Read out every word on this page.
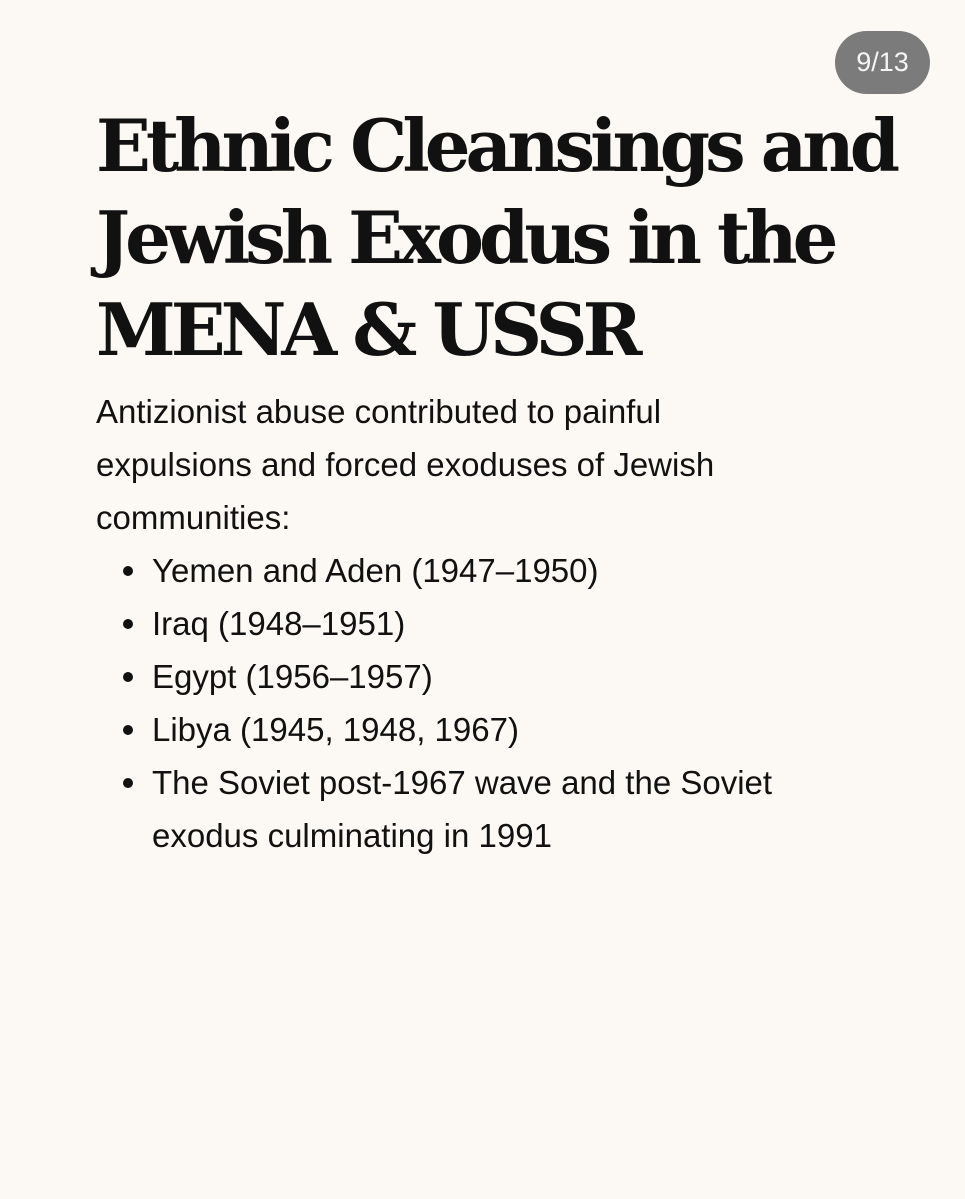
9/13
Ethnic Cleansings and
Jewish Exodus in the
MENA & USSR

Antizionist abuse contributed to painful
expulsions and forced exoduses of Jewish
communities:

Yemen and Aden (1947–1950)
Iraq (1948–1951)
Egypt (1956–1957)
Libya (1945, 1948, 1967)
The Soviet post-1967 wave and the Soviet
exodus culminating in 1991
